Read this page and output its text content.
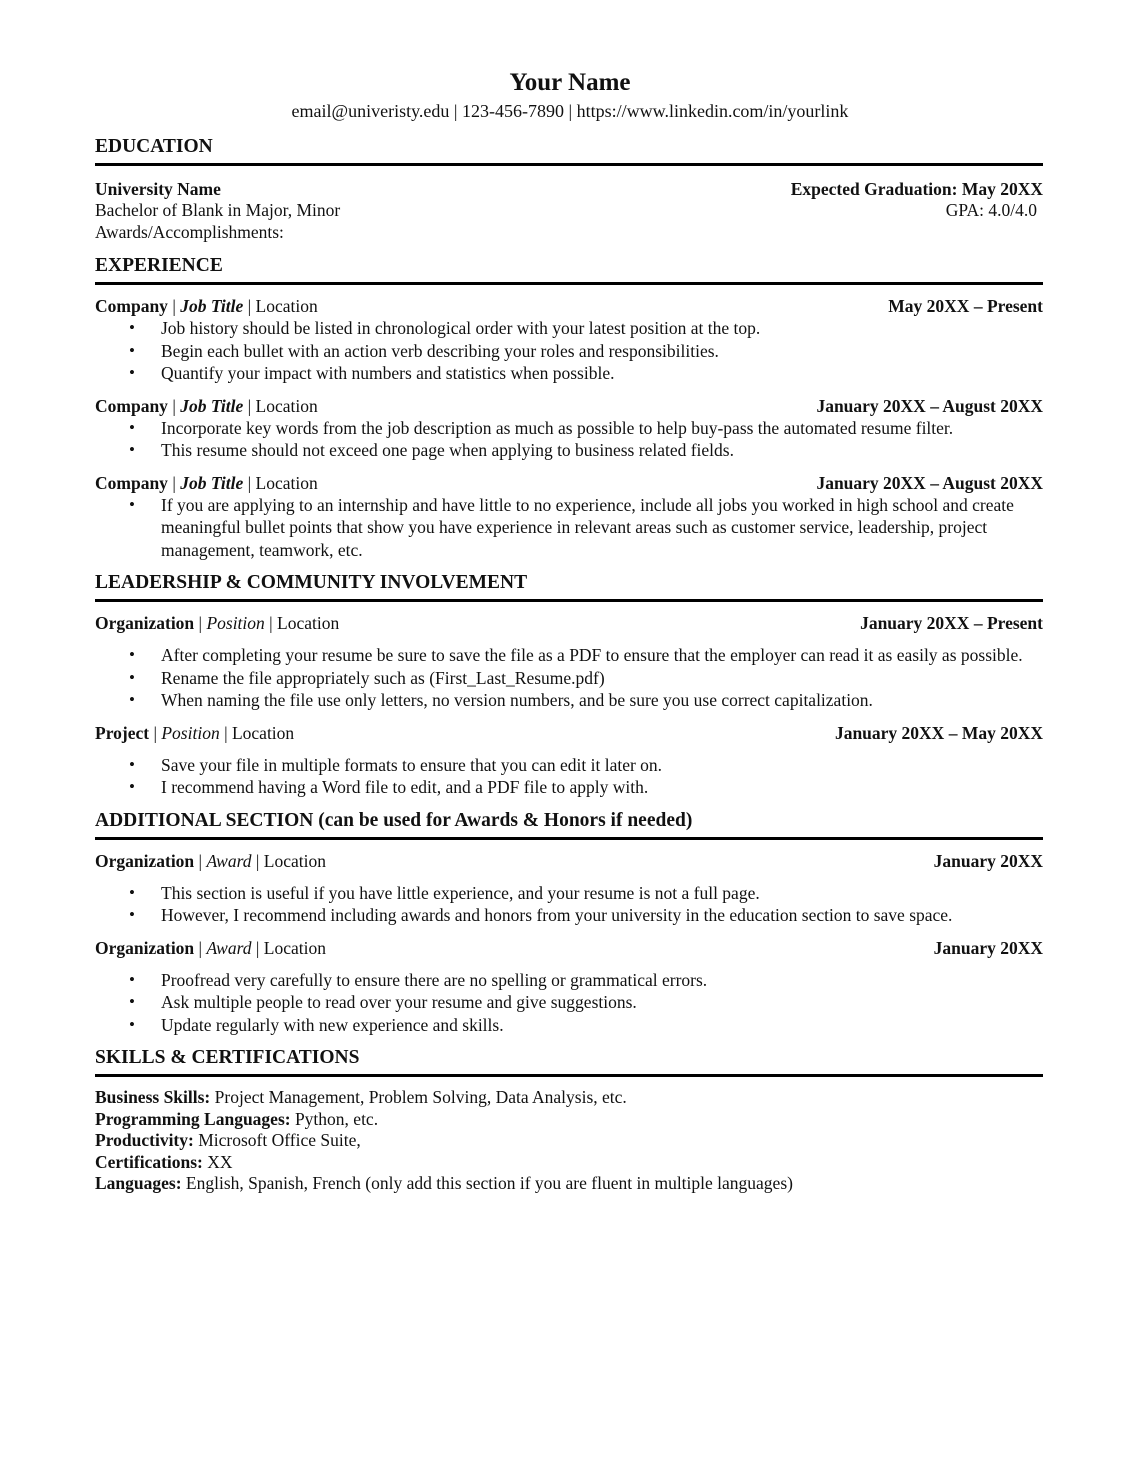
Your Name
email@univeristy.edu | 123-456-7890 | https://www.linkedin.com/in/yourlink
EDUCATION
University Name	Expected Graduation: May 20XX
Bachelor of Blank in Major, Minor	GPA: 4.0/4.0
Awards/Accomplishments:
EXPERIENCE
Company | Job Title | Location	May 20XX – Present
• Job history should be listed in chronological order with your latest position at the top.
• Begin each bullet with an action verb describing your roles and responsibilities.
• Quantify your impact with numbers and statistics when possible.
Company | Job Title | Location	January 20XX – August 20XX
• Incorporate key words from the job description as much as possible to help buy-pass the automated resume filter.
• This resume should not exceed one page when applying to business related fields.
Company | Job Title | Location	January 20XX – August 20XX
• If you are applying to an internship and have little to no experience, include all jobs you worked in high school and create meaningful bullet points that show you have experience in relevant areas such as customer service, leadership, project management, teamwork, etc.
LEADERSHIP & COMMUNITY INVOLVEMENT
Organization | Position | Location	January 20XX – Present
• After completing your resume be sure to save the file as a PDF to ensure that the employer can read it as easily as possible.
• Rename the file appropriately such as (First_Last_Resume.pdf)
• When naming the file use only letters, no version numbers, and be sure you use correct capitalization.
Project | Position | Location	January 20XX – May 20XX
• Save your file in multiple formats to ensure that you can edit it later on.
• I recommend having a Word file to edit, and a PDF file to apply with.
ADDITIONAL SECTION (can be used for Awards & Honors if needed)
Organization | Award | Location	January 20XX
• This section is useful if you have little experience, and your resume is not a full page.
• However, I recommend including awards and honors from your university in the education section to save space.
Organization | Award | Location	January 20XX
• Proofread very carefully to ensure there are no spelling or grammatical errors.
• Ask multiple people to read over your resume and give suggestions.
• Update regularly with new experience and skills.
SKILLS & CERTIFICATIONS
Business Skills: Project Management, Problem Solving, Data Analysis, etc.
Programming Languages: Python, etc.
Productivity: Microsoft Office Suite,
Certifications: XX
Languages: English, Spanish, French (only add this section if you are fluent in multiple languages)
